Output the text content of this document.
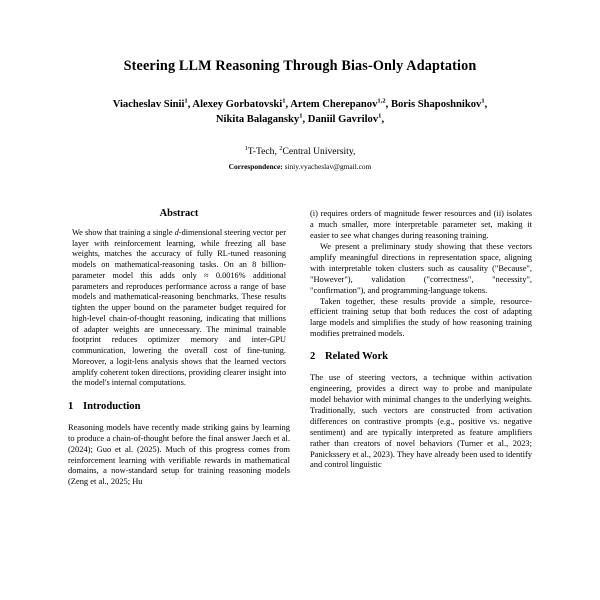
Steering LLM Reasoning Through Bias-Only Adaptation
Viacheslav Sinii$^1$, Alexey Gorbatovski$^1$, Artem Cherepanov$^{1,2}$, Boris Shaposhnikov$^1$,
Nikita Balagansky$^1$, Daniil Gavrilov$^1$,
$^1$T-Tech, $^2$Central University,
Correspondence: siniy.vyacheslav@gmail.com
Abstract

We show that training a single d-dimensional steering vector per layer with reinforcement learning, while freezing all base weights, matches the accuracy of fully RL-tuned reasoning models on mathematical-reasoning tasks. On an 8 billion-parameter model this adds only ≈ 0.0016% additional parameters and reproduces performance across a range of base models and mathematical-reasoning benchmarks. These results tighten the upper bound on the parameter budget required for high-level chain-of-thought reasoning, indicating that millions of adapter weights are unnecessary. The minimal trainable footprint reduces optimizer memory and inter-GPU communication, lowering the overall cost of fine-tuning. Moreover, a logit-lens analysis shows that the learned vectors amplify coherent token directions, providing clearer insight into the model's internal computations.

1 Introduction

Reasoning models have recently made striking gains by learning to produce a chain-of-thought before the final answer Jaech et al. (2024); Guo et al. (2025). Much of this progress comes from reinforcement learning with verifiable rewards in mathematical domains, a now-standard setup for training reasoning models (Zeng et al., 2025; Hu

(i) requires orders of magnitude fewer resources and (ii) isolates a much smaller, more interpretable parameter set, making it easier to see what changes during reasoning training.

We present a preliminary study showing that these vectors amplify meaningful directions in representation space, aligning with interpretable token clusters such as causality ("Because", "However"), validation ("correctness", "necessity", "confirmation"), and programming-language tokens.

Taken together, these results provide a simple, resource-efficient training setup that both reduces the cost of adapting large models and simplifies the study of how reasoning training modifies pretrained models.

2 Related Work

The use of steering vectors, a technique within activation engineering, provides a direct way to probe and manipulate model behavior with minimal changes to the underlying weights. Traditionally, such vectors are constructed from activation differences on contrastive prompts (e.g., positive vs. negative sentiment) and are typically interpreted as feature amplifiers rather than creators of novel behaviors (Turner et al., 2023; Panickssery et al., 2023). They have already been used to identify and control linguistic
